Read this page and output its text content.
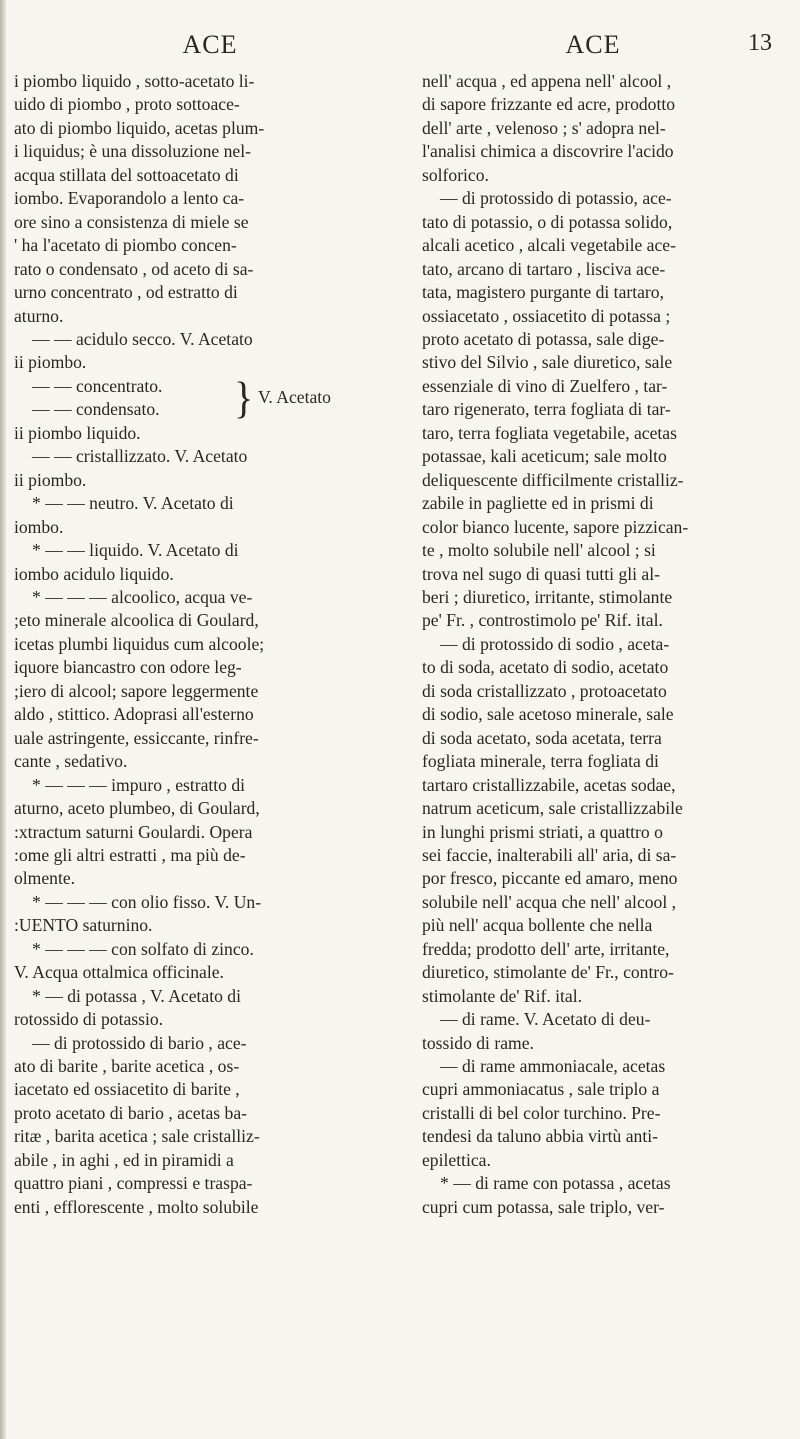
ACE	ACE	13

i piombo liquido , sotto-acetato li-

uido di piombo , proto sottoace-

ato di piombo liquido, acetas plum-

i liquidus; è una dissoluzione nel-

acqua stillata del sottoacetato di

iombo. Evaporandolo a lento ca-

ore sino a consistenza di miele se

' ha l'acetato di piombo concen-

rato o condensato , od aceto di sa-

urno concentrato , od estratto di

aturno.

— — acidulo secco. V. Acetato

ii piombo.

— — concentrato.

— — condensato.	} V. Acetato

ii piombo liquido.

— — cristallizzato. V. Acetato

ii piombo.

* — — neutro. V. Acetato di

iombo.

* — — liquido. V. Acetato di

iombo acidulo liquido.

* — — — alcoolico, acqua ve-

;eto minerale alcoolica di Goulard,

icetas plumbi liquidus cum alcoole;

iquore biancastro con odore leg-

;iero di alcool; sapore leggermente

aldo , stittico. Adoprasi all'esterno

uale astringente, essiccante, rinfre-

cante , sedativo.

* — — — impuro , estratto di

aturno, aceto plumbeo, di Goulard,

:xtractum saturni Goulardi. Opera

:ome gli altri estratti , ma più de-

olmente.

* — — — con olio fisso. V. Un-

:UENTO saturnino.

* — — — con solfato di zinco.

V. Acqua ottalmica officinale.

* — di potassa , V. Acetato di

rotossido di potassio.

— di protossido di bario , ace-

ato di barite , barite acetica , os-

iacetato ed ossiacetito di barite ,

proto acetato di bario , acetas ba-

ritæ , barita acetica ; sale cristalliz-

abile , in aghi , ed in piramidi a

quattro piani , compressi e traspa-

enti , efflorescente , molto solubile

nell' acqua , ed appena nell' alcool ,

di sapore frizzante ed acre, prodotto

dell' arte , velenoso ; s' adopra nel-

l'analisi chimica a discovrire l'acido

solforico.

— di protossido di potassio, ace-

tato di potassio, o di potassa solido,

alcali acetico , alcali vegetabile ace-

tato, arcano di tartaro , lisciva ace-

tata, magistero purgante di tartaro,

ossiacetato , ossiacetito di potassa ;

proto acetato di potassa, sale dige-

stivo del Silvio , sale diuretico, sale

essenziale di vino di Zuelfero , tar-

taro rigenerato, terra fogliata di tar-

taro, terra fogliata vegetabile, acetas

potassae, kali aceticum; sale molto

deliquescente difficilmente cristalliz-

zabile in pagliette ed in prismi di

color bianco lucente, sapore pizzican-

te , molto solubile nell' alcool ; si

trova nel sugo di quasi tutti gli al-

beri ; diuretico, irritante, stimolante

pe' Fr. , controstimolo pe' Rif. ital.

— di protossido di sodio , aceta-

to di soda, acetato di sodio, acetato

di soda cristallizzato , protoacetato

di sodio, sale acetoso minerale, sale

di soda acetato, soda acetata, terra

fogliata minerale, terra fogliata di

tartaro cristallizzabile, acetas sodae,

natrum aceticum, sale cristallizzabile

in lunghi prismi striati, a quattro o

sei faccie, inalterabili all' aria, di sa-

por fresco, piccante ed amaro, meno

solubile nell' acqua che nell' alcool ,

più nell' acqua bollente che nella

fredda; prodotto dell' arte, irritante,

diuretico, stimolante de' Fr., contro-

stimolante de' Rif. ital.

— di rame. V. Acetato di deu-

tossido di rame.

— di rame ammoniacale, acetas

cupri ammoniacatus , sale triplo a

cristalli di bel color turchino. Pre-

tendesi da taluno abbia virtù anti-

epilettica.

* — di rame con potassa , acetas

cupri cum potassa, sale triplo, ver-
